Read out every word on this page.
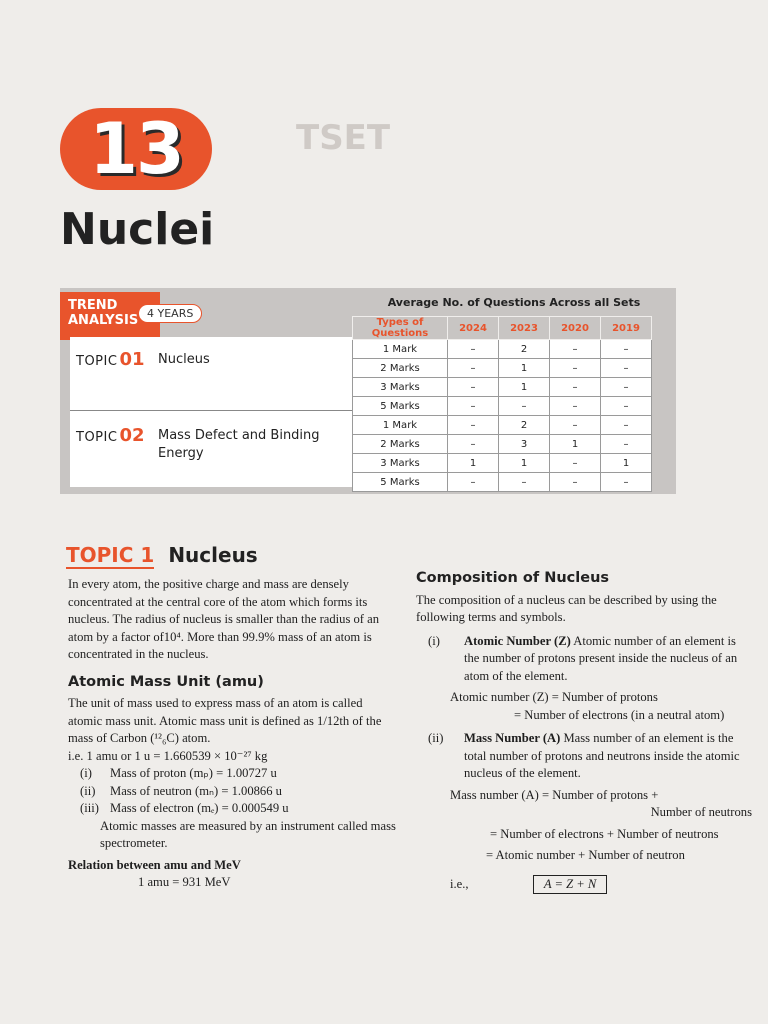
TSET
13
Nuclei
TREND
ANALYSIS 4 YEARS
Average No. of Questions Across all Sets
TOPIC 01 Nucleus
TOPIC 02 Mass Defect and Binding Energy
Types of Questions	2024	2023	2020	2019
1 Mark	–	2	–	–
2 Marks	–	1	–	–
3 Marks	–	1	–	–
5 Marks	–	–	–	–
1 Mark	–	2	–	–
2 Marks	–	3	1	–
3 Marks	1	1	–	1
5 Marks	–	–	–	–
TOPIC 1 Nucleus

In every atom, the positive charge and mass are densely concentrated at the central core of the atom which forms its nucleus. The radius of nucleus is smaller than the radius of an atom by a factor of10⁴. More than 99.9% mass of an atom is concentrated in the nucleus.

Atomic Mass Unit (amu)

The unit of mass used to express mass of an atom is called atomic mass unit. Atomic mass unit is defined as 1/12th of the mass of Carbon (¹²₆C) atom.

i.e. 1 amu or 1 u = 1.660539 × 10⁻²⁷ kg

(i)	Mass of proton (mₚ) = 1.00727 u
(ii)	Mass of neutron (mₙ) = 1.00866 u
(iii) Mass of electron (mₑ) = 0.000549 u

Atomic masses are measured by an instrument called mass spectrometer.

Relation between amu and MeV

1 amu = 931 MeV

Composition of Nucleus

The composition of a nucleus can be described by using the following terms and symbols.

(i)	Atomic Number (Z) Atomic number of an element is the number of protons present inside the nucleus of an atom of the element.

Atomic number (Z) = Number of protons

= Number of electrons (in a neutral atom)

(ii)	Mass Number (A) Mass number of an element is the total number of protons and neutrons inside the atomic nucleus of the element.

Mass number (A) = Number of protons +

Number of neutrons

= Number of electrons + Number of neutrons

= Atomic number + Number of neutron

i.e.,	A = Z + N
